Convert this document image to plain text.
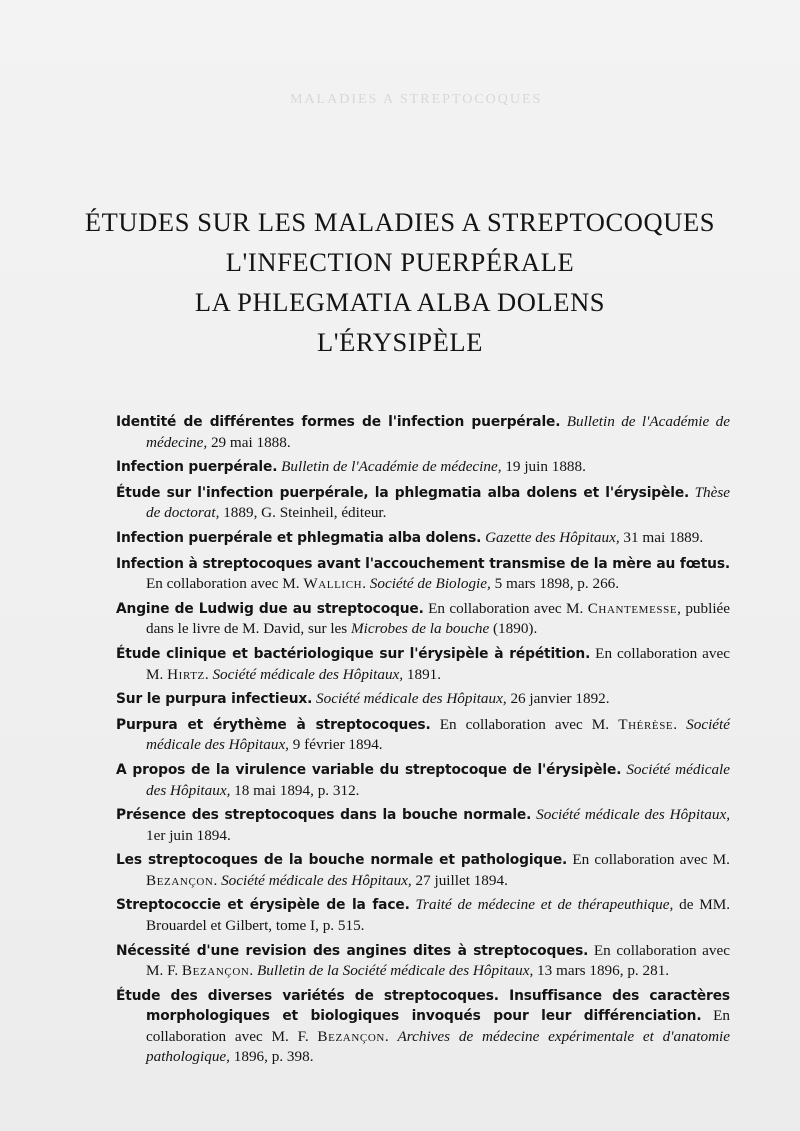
MALADIES A STREPTOCOQUES
ÉTUDES SUR LES MALADIES A STREPTOCOQUES
L'INFECTION PUERPÉRALE
LA PHLEGMATIA ALBA DOLENS
L'ÉRYSIPÈLE

Identité de différentes formes de l'infection puerpérale. Bulletin de l'Académie de médecine, 29 mai 1888.

Infection puerpérale. Bulletin de l'Académie de médecine, 19 juin 1888.

Étude sur l'infection puerpérale, la phlegmatia alba dolens et l'érysipèle. Thèse de doctorat, 1889, G. Steinheil, éditeur.

Infection puerpérale et phlegmatia alba dolens. Gazette des Hôpitaux, 31 mai 1889.

Infection à streptocoques avant l'accouchement transmise de la mère au fœtus. En collaboration avec M. Wallich. Société de Biologie, 5 mars 1898, p. 266.

Angine de Ludwig due au streptocoque. En collaboration avec M. Chantemesse, publiée dans le livre de M. David, sur les Microbes de la bouche (1890).

Étude clinique et bactériologique sur l'érysipèle à répétition. En collaboration avec M. Hirtz. Société médicale des Hôpitaux, 1891.

Sur le purpura infectieux. Société médicale des Hôpitaux, 26 janvier 1892.

Purpura et érythème à streptocoques. En collaboration avec M. Thérèse. Société médicale des Hôpitaux, 9 février 1894.

A propos de la virulence variable du streptocoque de l'érysipèle. Société médicale des Hôpitaux, 18 mai 1894, p. 312.

Présence des streptocoques dans la bouche normale. Société médicale des Hôpitaux, 1er juin 1894.

Les streptocoques de la bouche normale et pathologique. En collaboration avec M. Bezançon. Société médicale des Hôpitaux, 27 juillet 1894.

Streptococcie et érysipèle de la face. Traité de médecine et de thérapeuthique, de MM. Brouardel et Gilbert, tome I, p. 515.

Nécessité d'une revision des angines dites à streptocoques. En collaboration avec M. F. Bezançon. Bulletin de la Société médicale des Hôpitaux, 13 mars 1896, p. 281.

Étude des diverses variétés de streptocoques. Insuffisance des caractères morphologiques et biologiques invoqués pour leur différenciation. En collaboration avec M. F. Bezançon. Archives de médecine expérimentale et d'anatomie pathologique, 1896, p. 398.
